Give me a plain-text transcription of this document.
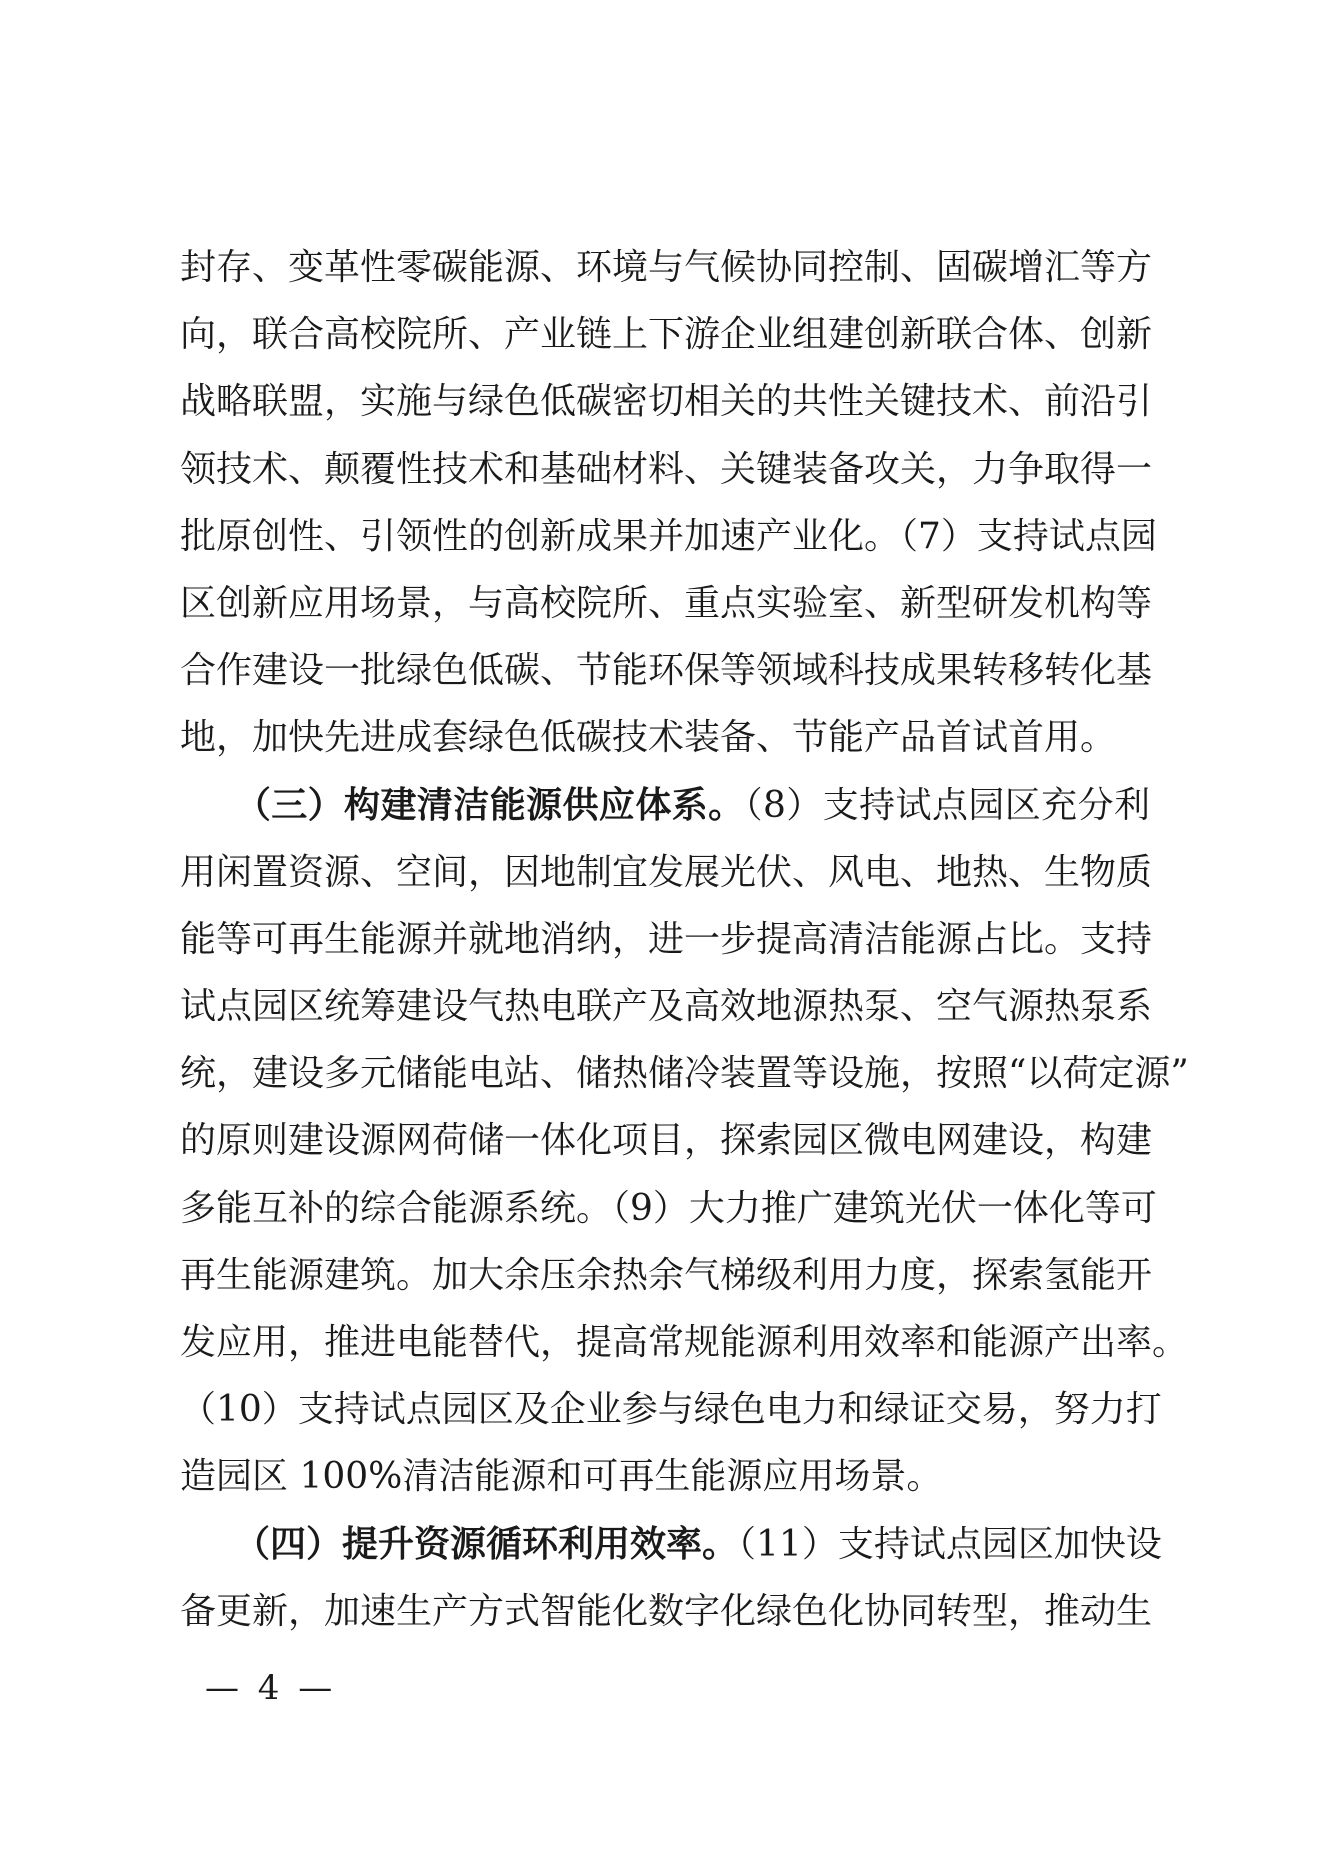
封存、变革性零碳能源、环境与气候协同控制、固碳增汇等方
向，联合高校院所、产业链上下游企业组建创新联合体、创新
战略联盟，实施与绿色低碳密切相关的共性关键技术、前沿引
领技术、颠覆性技术和基础材料、关键装备攻关，力争取得一
批原创性、引领性的创新成果并加速产业化。（7）支持试点园
区创新应用场景，与高校院所、重点实验室、新型研发机构等
合作建设一批绿色低碳、节能环保等领域科技成果转移转化基
地，加快先进成套绿色低碳技术装备、节能产品首试首用。
　　（三）构建清洁能源供应体系。（8）支持试点园区充分利
用闲置资源、空间，因地制宜发展光伏、风电、地热、生物质
能等可再生能源并就地消纳，进一步提高清洁能源占比。支持
试点园区统筹建设气热电联产及高效地源热泵、空气源热泵系
统，建设多元储能电站、储热储冷装置等设施，按照“以荷定源”
的原则建设源网荷储一体化项目，探索园区微电网建设，构建
多能互补的综合能源系统。（9）大力推广建筑光伏一体化等可
再生能源建筑。加大余压余热余气梯级利用力度，探索氢能开
发应用，推进电能替代，提高常规能源利用效率和能源产出率。
（10）支持试点园区及企业参与绿色电力和绿证交易，努力打
造园区 100%清洁能源和可再生能源应用场景。
　　（四）提升资源循环利用效率。（11）支持试点园区加快设
备更新，加速生产方式智能化数字化绿色化协同转型，推动生
— 4 —
